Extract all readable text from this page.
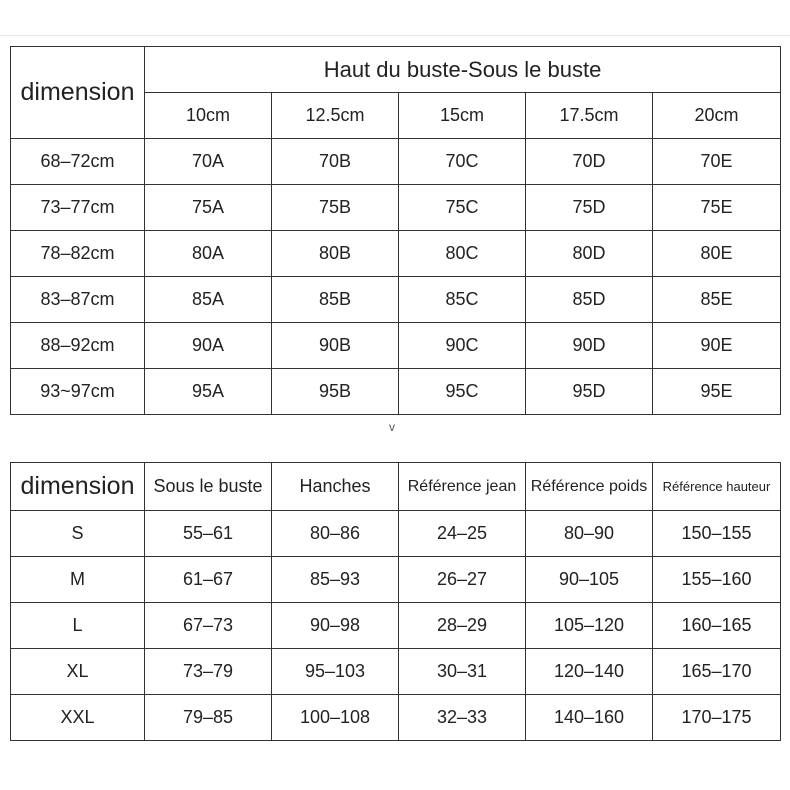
dimension	Haut du buste-Sous le buste				
	10cm	12.5cm	15cm	17.5cm	20cm
68–72cm	70A	70B	70C	70D	70E
73–77cm	75A	75B	75C	75D	75E
78–82cm	80A	80B	80C	80D	80E
83–87cm	85A	85B	85C	85D	85E
88–92cm	90A	90B	90C	90D	90E
93~97cm	95A	95B	95C	95D	95E
v
dimension	Sous le buste	Hanches	Référence jean	Référence poids	Référence hauteur
S	55–61	80–86	24–25	80–90	150–155
M	61–67	85–93	26–27	90–105	155–160
L	67–73	90–98	28–29	105–120	160–165
XL	73–79	95–103	30–31	120–140	165–170
XXL	79–85	100–108	32–33	140–160	170–175
